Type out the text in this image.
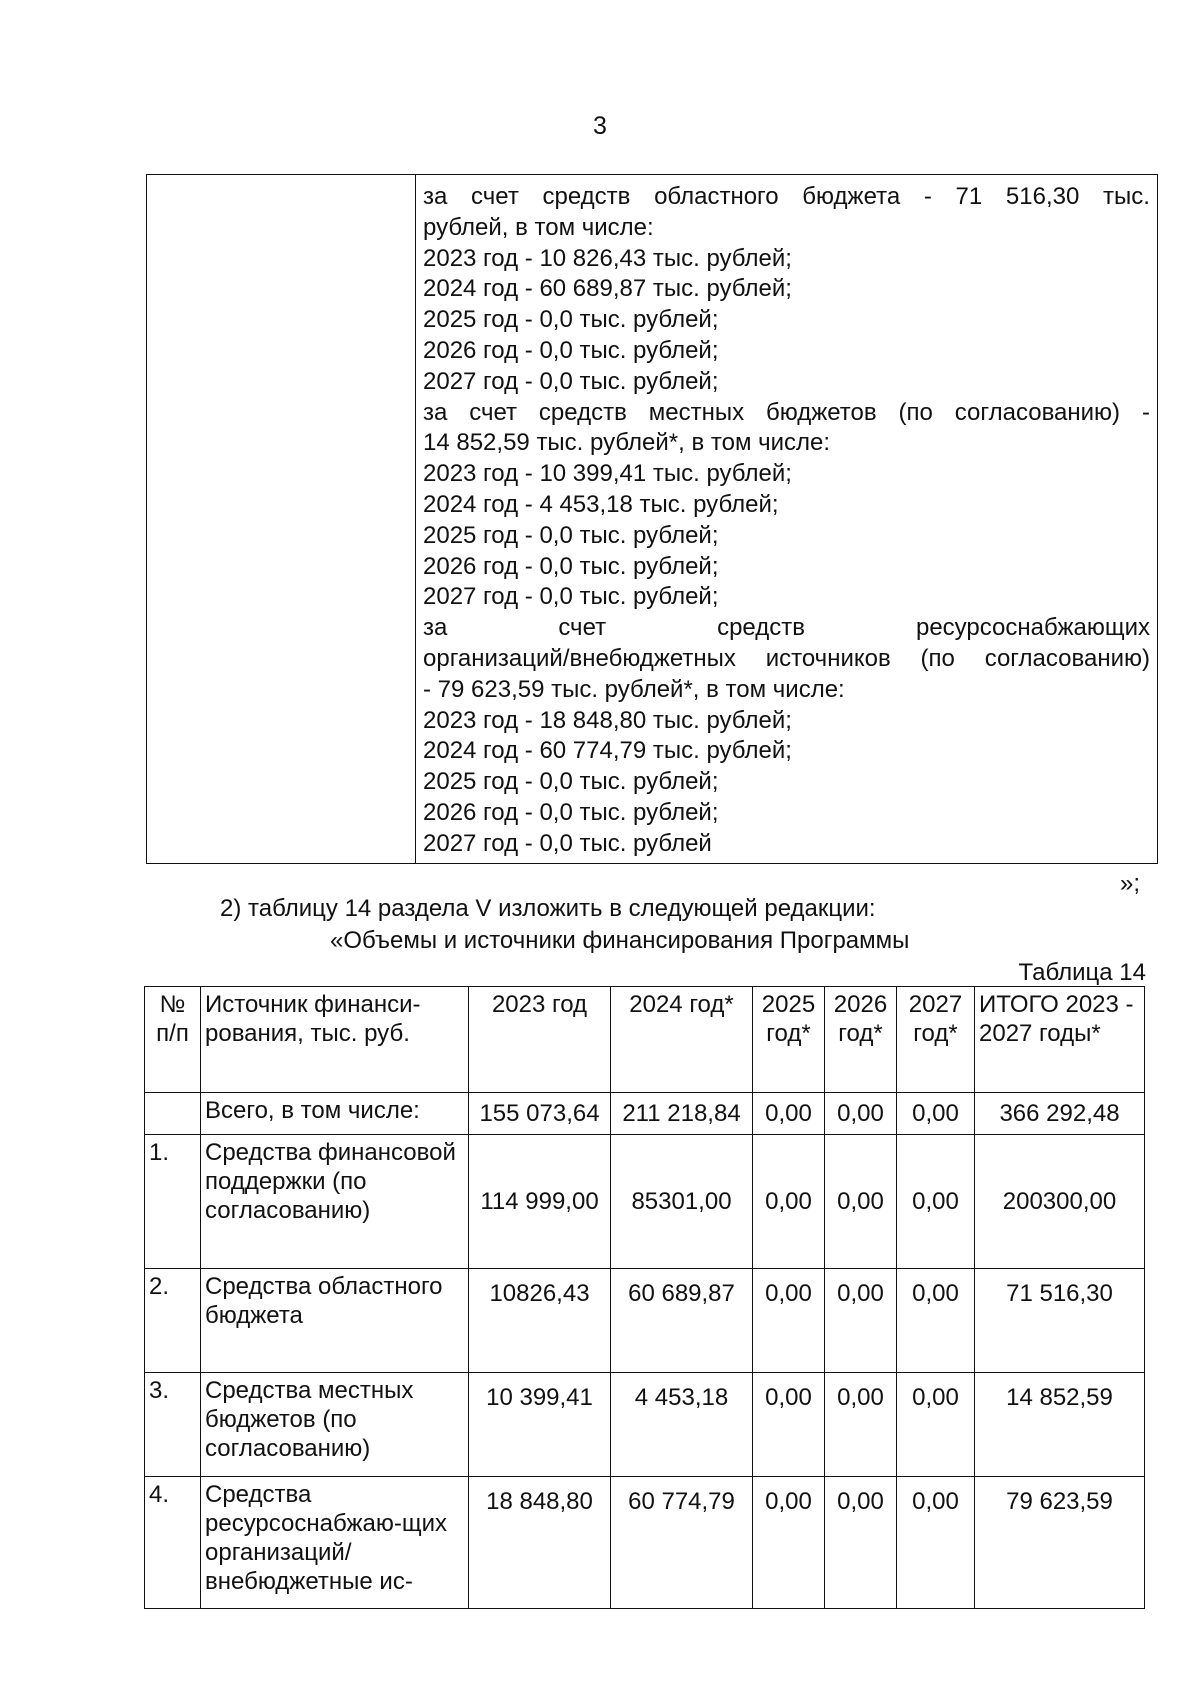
3

за счет средств областного бюджета - 71 516,30 тыс.
рублей, в том числе:
2023 год - 10 826,43 тыс. рублей;
2024 год - 60 689,87 тыс. рублей;
2025 год - 0,0 тыс. рублей;
2026 год - 0,0 тыс. рублей;
2027 год - 0,0 тыс. рублей;
за счет средств местных бюджетов (по согласованию) -
14 852,59 тыс. рублей*, в том числе:
2023 год - 10 399,41 тыс. рублей;
2024 год - 4 453,18 тыс. рублей;
2025 год - 0,0 тыс. рублей;
2026 год - 0,0 тыс. рублей;
2027 год - 0,0 тыс. рублей;
за	счет	средств	ресурсоснабжающих
организаций/внебюджетных источников (по согласованию)
- 79 623,59 тыс. рублей*, в том числе:
2023 год - 18 848,80 тыс. рублей;
2024 год - 60 774,79 тыс. рублей;
2025 год - 0,0 тыс. рублей;
2026 год - 0,0 тыс. рублей;
2027 год - 0,0 тыс. рублей
»;
2) таблицу 14 раздела V изложить в следующей редакции:
«Объемы и источники финансирования Программы
Таблица 14
№ п/п	Источник финанси-рования, тыс. руб.	2023 год	2024 год*	2025 год*	2026 год*	2027 год*	ИТОГО 2023 - 2027 годы*
	Всего, в том числе:	155 073,64	211 218,84	0,00	0,00	0,00	366 292,48
1.	Средства финансовой поддержки (по согласованию)	114 999,00	85301,00	0,00	0,00	0,00	200300,00
2.	Средства областного бюджета	10826,43	60 689,87	0,00	0,00	0,00	71 516,30
3.	Средства местных бюджетов (по согласованию)	10 399,41	4 453,18	0,00	0,00	0,00	14 852,59
4.	Средства ресурсоснабжаю-щих организаций/ внебюджетные ис-	18 848,80	60 774,79	0,00	0,00	0,00	79 623,59
